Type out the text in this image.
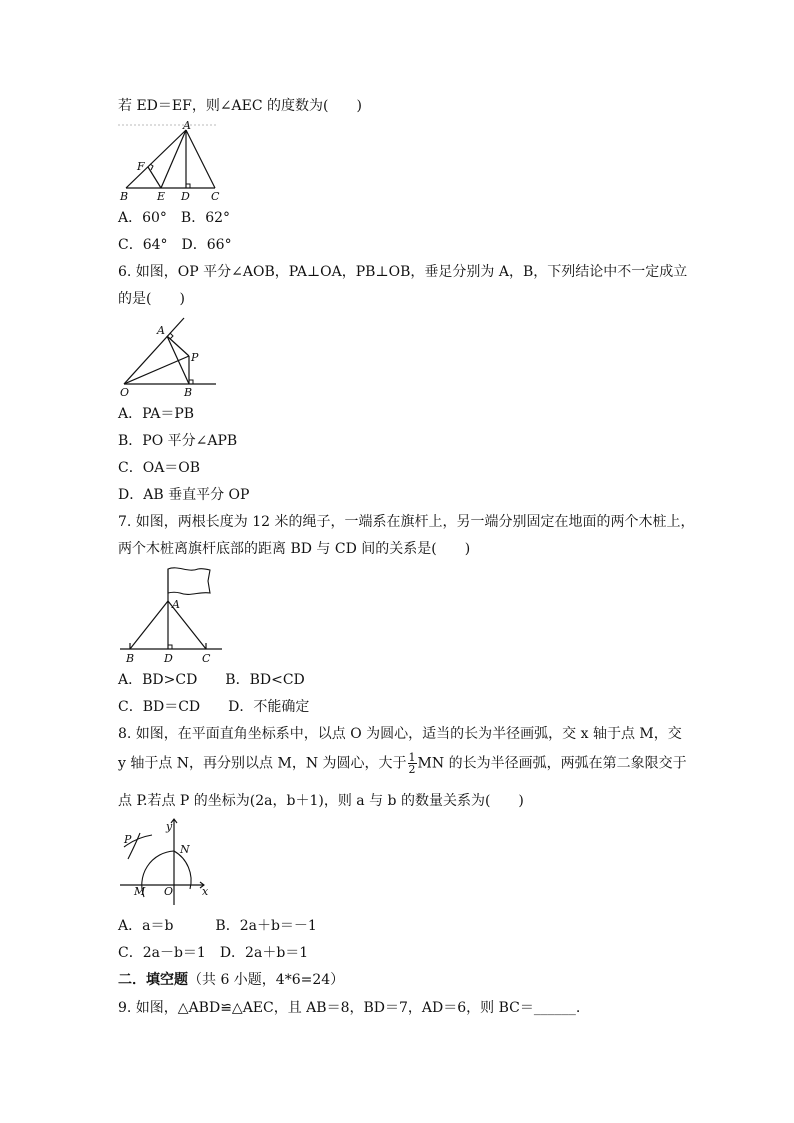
若 ED＝EF，则∠AEC 的度数为(　　)
A
F
B	E D C
A．60°　B．62°
C．64°　D．66°
6. 如图，OP 平分∠AOB，PA⊥OA，PB⊥OB，垂足分别为 A，B，下列结论中不一定成立
的是(　　)
A
P
O	B
A．PA＝PB
B．PO 平分∠APB
C．OA＝OB
D．AB 垂直平分 OP
7. 如图，两根长度为 12 米的绳子，一端系在旗杆上，另一端分别固定在地面的两个木桩上，
两个木桩离旗杆底部的距离 BD 与 CD 间的关系是(　　)
A
B	D	C
A．BD>CD　　B．BD<CD
C．BD＝CD　　D．不能确定
8. 如图，在平面直角坐标系中，以点 O 为圆心，适当的长为半径画弧，交 x 轴于点 M，交
y 轴于点 N，再分别以点 M，N 为圆心，大于 $\frac{1}{2}$ MN 的长为半径画弧，两弧在第二象限交于
点 P.若点 P 的坐标为(2a，b＋1)，则 a 与 b 的数量关系为(　　)
y
P
N
M O	x
A．a＝b　　　B．2a＋b＝－1
C．2a－b＝1　D．2a＋b＝1
二．填空题（共 6 小题，4*6=24）
9. 如图，△ABD≌△AEC，且 AB＝8，BD＝7，AD＝6，则 BC＝______.
